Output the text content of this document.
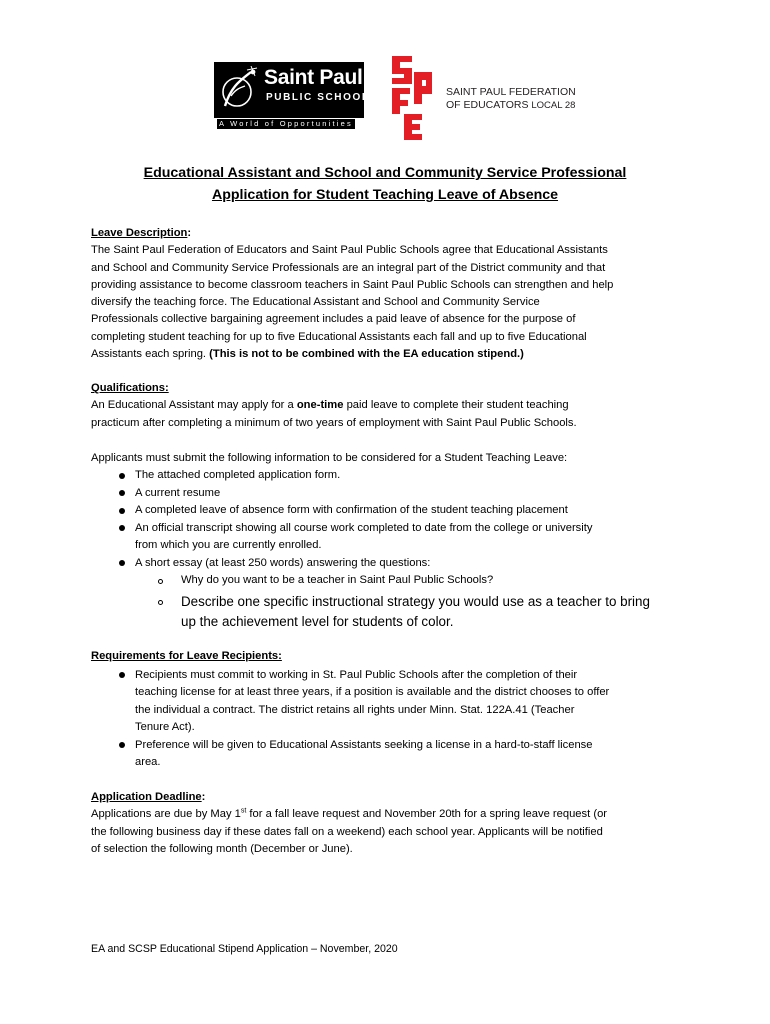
Saint Paul
PUBLIC SCHOOLS
A World of Opportunities
SAINT PAUL FEDERATION
OF EDUCATORS LOCAL 28
Educational Assistant and School and Community Service Professional
Application for Student Teaching Leave of Absence
Leave Description:
The Saint Paul Federation of Educators and Saint Paul Public Schools agree that Educational Assistants
and School and Community Service Professionals are an integral part of the District community and that
providing assistance to become classroom teachers in Saint Paul Public Schools can strengthen and help
diversify the teaching force. The Educational Assistant and School and Community Service
Professionals collective bargaining agreement includes a paid leave of absence for the purpose of
completing student teaching for up to five Educational Assistants each fall and up to five Educational
Assistants each spring. (This is not to be combined with the EA education stipend.)
Qualifications:
An Educational Assistant may apply for a one-time paid leave to complete their student teaching
practicum after completing a minimum of two years of employment with Saint Paul Public Schools.
Applicants must submit the following information to be considered for a Student Teaching Leave:
The attached completed application form.
A current resume
A completed leave of absence form with confirmation of the student teaching placement
An official transcript showing all course work completed to date from the college or university
from which you are currently enrolled.
A short essay (at least 250 words) answering the questions:
Why do you want to be a teacher in Saint Paul Public Schools?
Describe one specific instructional strategy you would use as a teacher to bring
up the achievement level for students of color.
Requirements for Leave Recipients:
Recipients must commit to working in St. Paul Public Schools after the completion of their
teaching license for at least three years, if a position is available and the district chooses to offer
the individual a contract. The district retains all rights under Minn. Stat. 122A.41 (Teacher
Tenure Act).
Preference will be given to Educational Assistants seeking a license in a hard-to-staff license
area.
Application Deadline:
Applications are due by May 1st for a fall leave request and November 20th for a spring leave request (or
the following business day if these dates fall on a weekend) each school year. Applicants will be notified
of selection the following month (December or June).
EA and SCSP Educational Stipend Application – November, 2020
